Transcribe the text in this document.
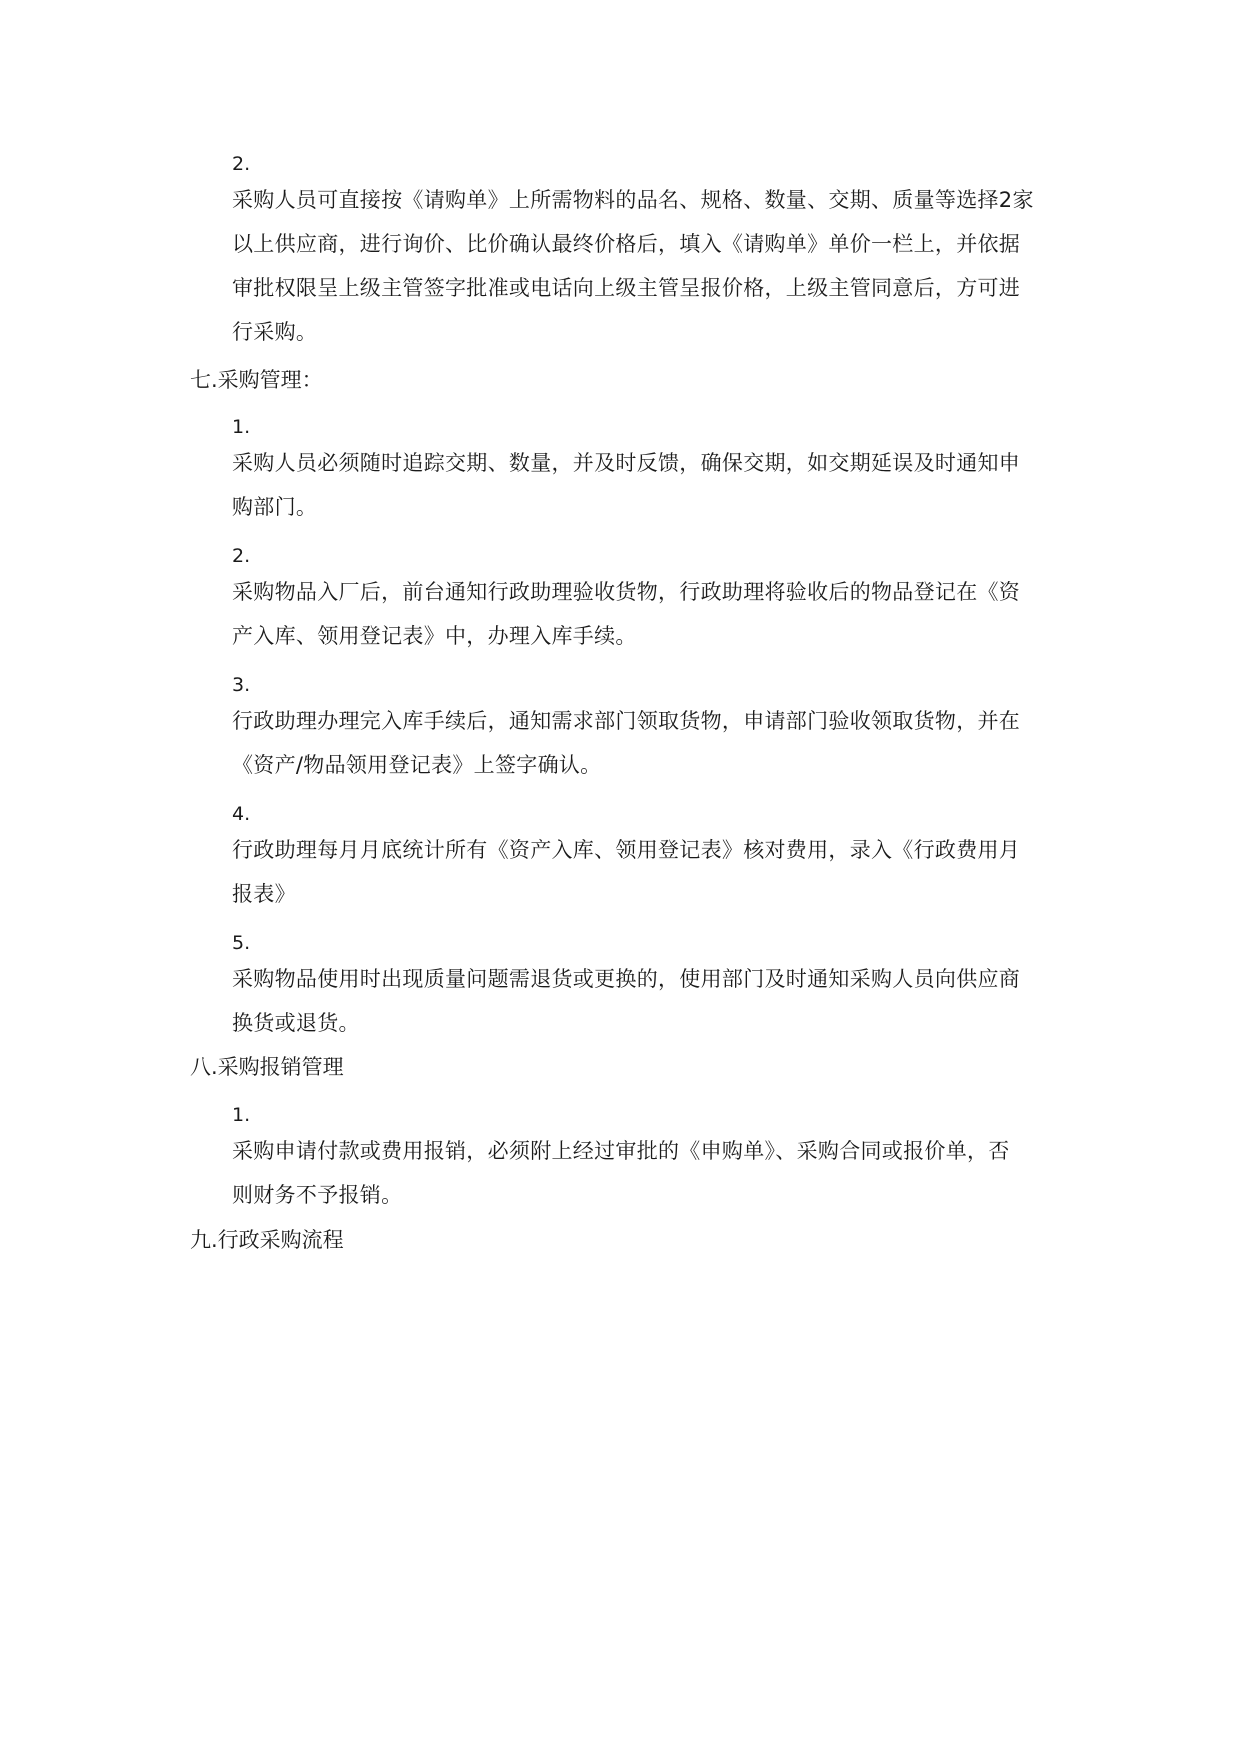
2.
采购人员可直接按《请购单》上所需物料的品名、规格、数量、交期、质量等选择2家
以上供应商，进行询价、比价确认最终价格后，填入《请购单》单价一栏上，并依据
审批权限呈上级主管签字批准或电话向上级主管呈报价格，上级主管同意后，方可进
行采购。
七.采购管理：
1.
采购人员必须随时追踪交期、数量，并及时反馈，确保交期，如交期延误及时通知申
购部门。
2.
采购物品入厂后，前台通知行政助理验收货物，行政助理将验收后的物品登记在《资
产入库、领用登记表》中，办理入库手续。
3.
行政助理办理完入库手续后，通知需求部门领取货物，申请部门验收领取货物，并在
《资产/物品领用登记表》上签字确认。
4.
行政助理每月月底统计所有《资产入库、领用登记表》核对费用，录入《行政费用月
报表》
5.
采购物品使用时出现质量问题需退货或更换的，使用部门及时通知采购人员向供应商
换货或退货。
八.采购报销管理
1.
采购申请付款或费用报销，必须附上经过审批的《申购单》、采购合同或报价单，否
则财务不予报销。
九.行政采购流程
